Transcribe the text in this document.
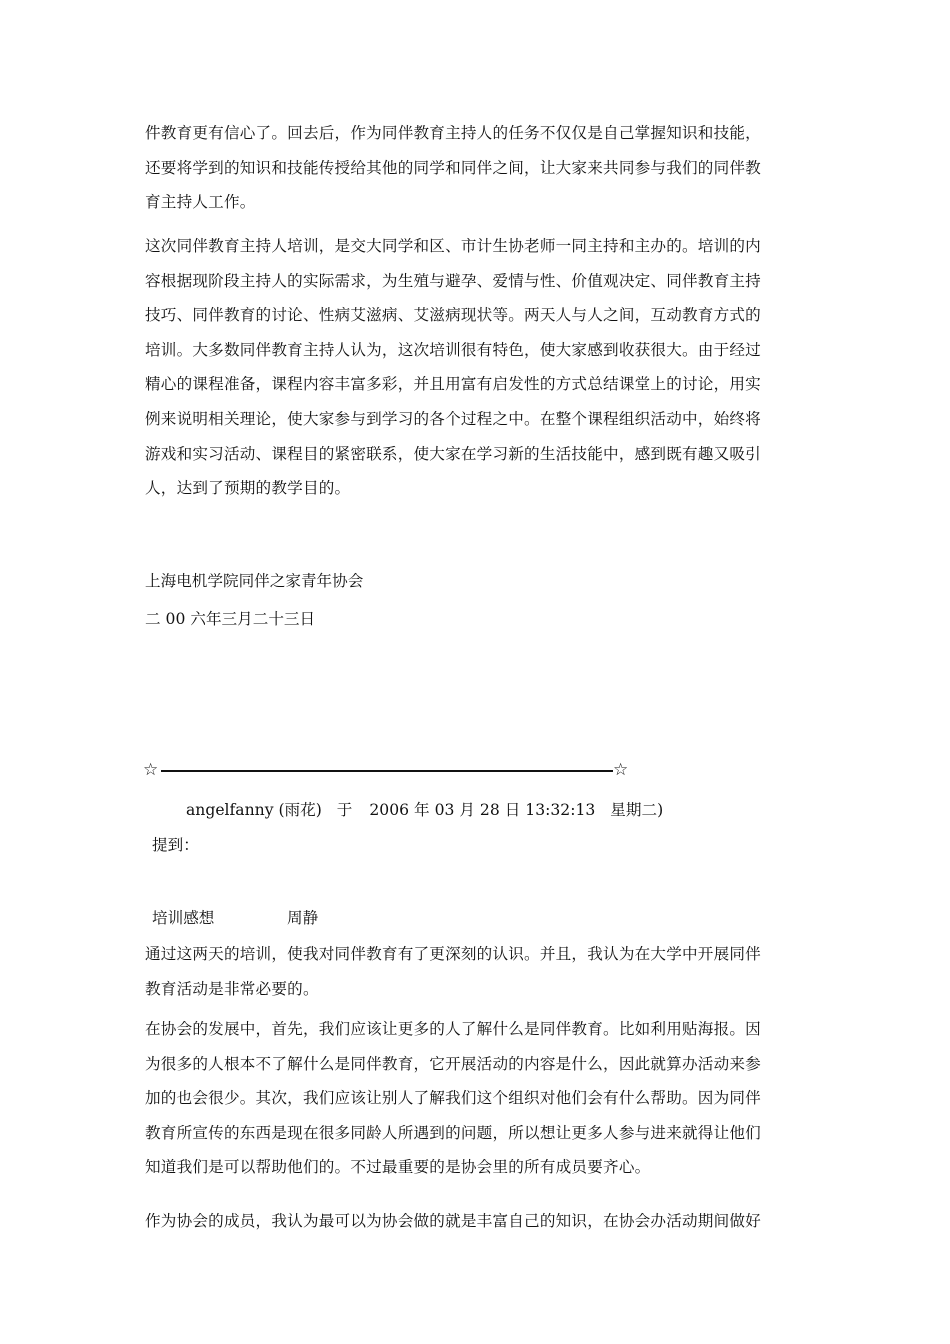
件教育更有信心了。回去后，作为同伴教育主持人的任务不仅仅是自己掌握知识和技能，
还要将学到的知识和技能传授给其他的同学和同伴之间，让大家来共同参与我们的同伴教
育主持人工作。

这次同伴教育主持人培训，是交大同学和区、市计生协老师一同主持和主办的。培训的内
容根据现阶段主持人的实际需求，为生殖与避孕、爱情与性、价值观决定、同伴教育主持
技巧、同伴教育的讨论、性病艾滋病、艾滋病现状等。两天人与人之间，互动教育方式的
培训。大多数同伴教育主持人认为，这次培训很有特色，使大家感到收获很大。由于经过
精心的课程准备，课程内容丰富多彩，并且用富有启发性的方式总结课堂上的讨论，用实
例来说明相关理论，使大家参与到学习的各个过程之中。在整个课程组织活动中，始终将
游戏和实习活动、课程目的紧密联系，使大家在学习新的生活技能中，感到既有趣又吸引
人，达到了预期的教学目的。

上海电机学院同伴之家青年协会
二 00 六年三月二十三日
☆	☆
angelfanny (雨花) 于 2006 年 03 月 28 日 13:32:13 星期二)
提到：
培训感想	周静

通过这两天的培训，使我对同伴教育有了更深刻的认识。并且，我认为在大学中开展同伴
教育活动是非常必要的。

在协会的发展中，首先，我们应该让更多的人了解什么是同伴教育。比如利用贴海报。因
为很多的人根本不了解什么是同伴教育，它开展活动的内容是什么，因此就算办活动来参
加的也会很少。其次，我们应该让别人了解我们这个组织对他们会有什么帮助。因为同伴
教育所宣传的东西是现在很多同龄人所遇到的问题，所以想让更多人参与进来就得让他们
知道我们是可以帮助他们的。不过最重要的是协会里的所有成员要齐心。

作为协会的成员，我认为最可以为协会做的就是丰富自己的知识，在协会办活动期间做好
